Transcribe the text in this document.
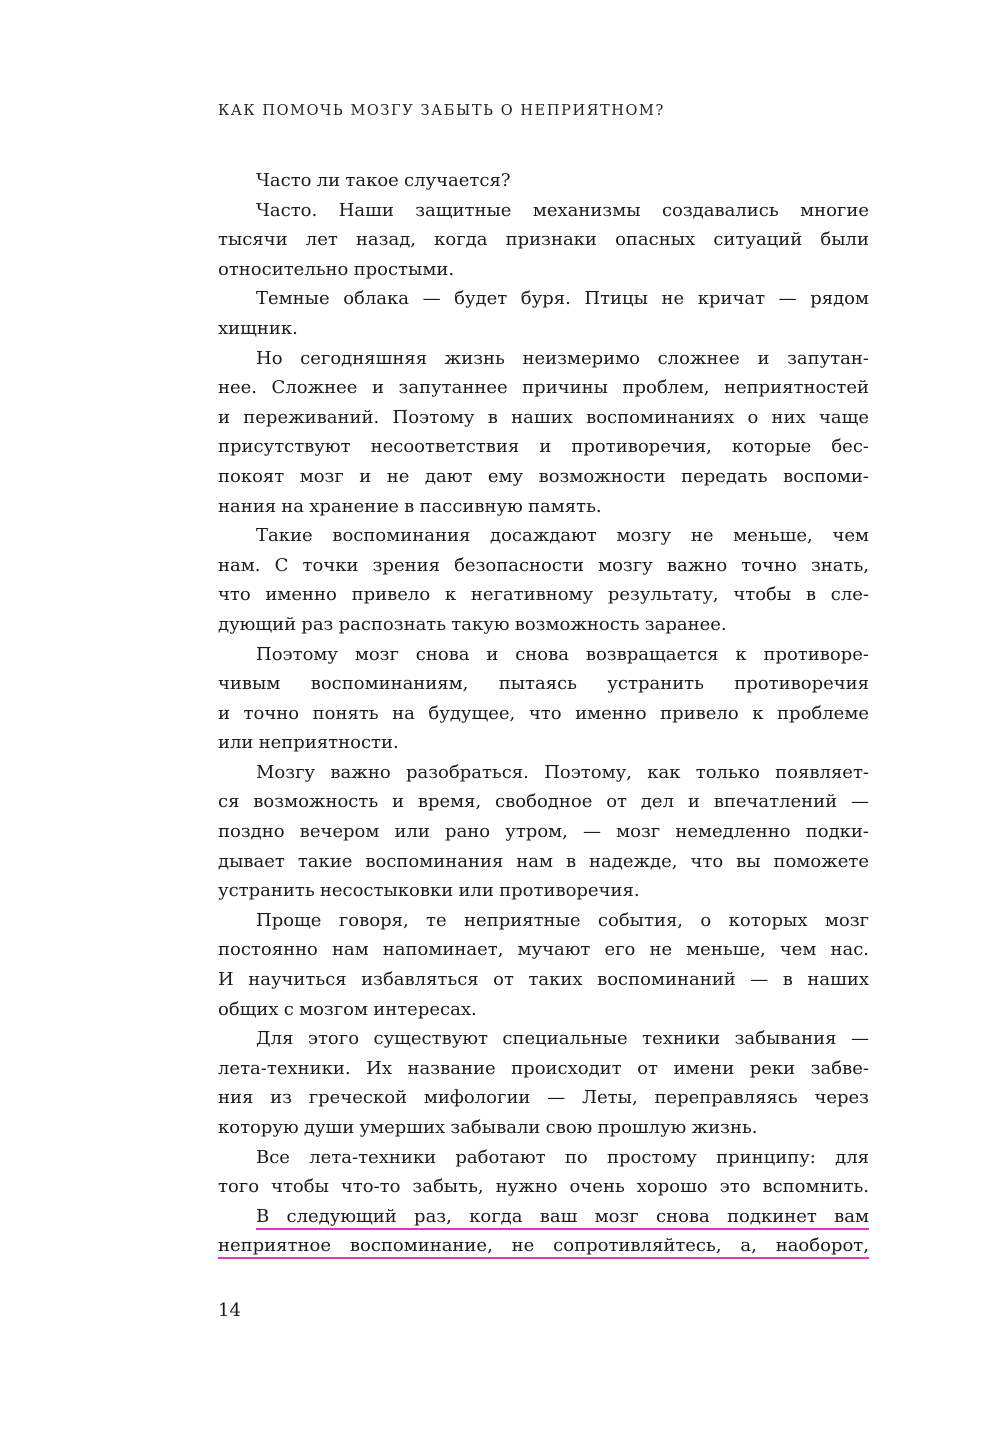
КАК ПОМОЧЬ МОЗГУ ЗАБЫТЬ О НЕПРИЯТНОМ?
Часто ли такое случается?
Часто. Наши защитные механизмы создавались многие
тысячи лет назад, когда признаки опасных ситуаций были
относительно простыми.
Темные облака — будет буря. Птицы не кричат — рядом
хищник.
Но сегодняшняя жизнь неизмеримо сложнее и запутан-
нее. Сложнее и запутаннее причины проблем, неприятностей
и переживаний. Поэтому в наших воспоминаниях о них чаще
присутствуют несоответствия и противоречия, которые бес-
покоят мозг и не дают ему возможности передать воспоми-
нания на хранение в пассивную память.
Такие воспоминания досаждают мозгу не меньше, чем
нам. С точки зрения безопасности мозгу важно точно знать,
что именно привело к негативному результату, чтобы в сле-
дующий раз распознать такую возможность заранее.
Поэтому мозг снова и снова возвращается к противоре-
чивым воспоминаниям, пытаясь устранить противоречия
и точно понять на будущее, что именно привело к проблеме
или неприятности.
Мозгу важно разобраться. Поэтому, как только появляет-
ся возможность и время, свободное от дел и впечатлений —
поздно вечером или рано утром, — мозг немедленно подки-
дывает такие воспоминания нам в надежде, что вы поможете
устранить несостыковки или противоречия.
Проще говоря, те неприятные события, о которых мозг
постоянно нам напоминает, мучают его не меньше, чем нас.
И научиться избавляться от таких воспоминаний — в наших
общих с мозгом интересах.
Для этого существуют специальные техники забывания —
лета-техники. Их название происходит от имени реки забве-
ния из греческой мифологии — Леты, переправляясь через
которую души умерших забывали свою прошлую жизнь.
Все лета-техники работают по простому принципу: для
того чтобы что-то забыть, нужно очень хорошо это вспомнить.
В следующий раз, когда ваш мозг снова подкинет вам
неприятное воспоминание, не сопротивляйтесь, а, наоборот,
14
